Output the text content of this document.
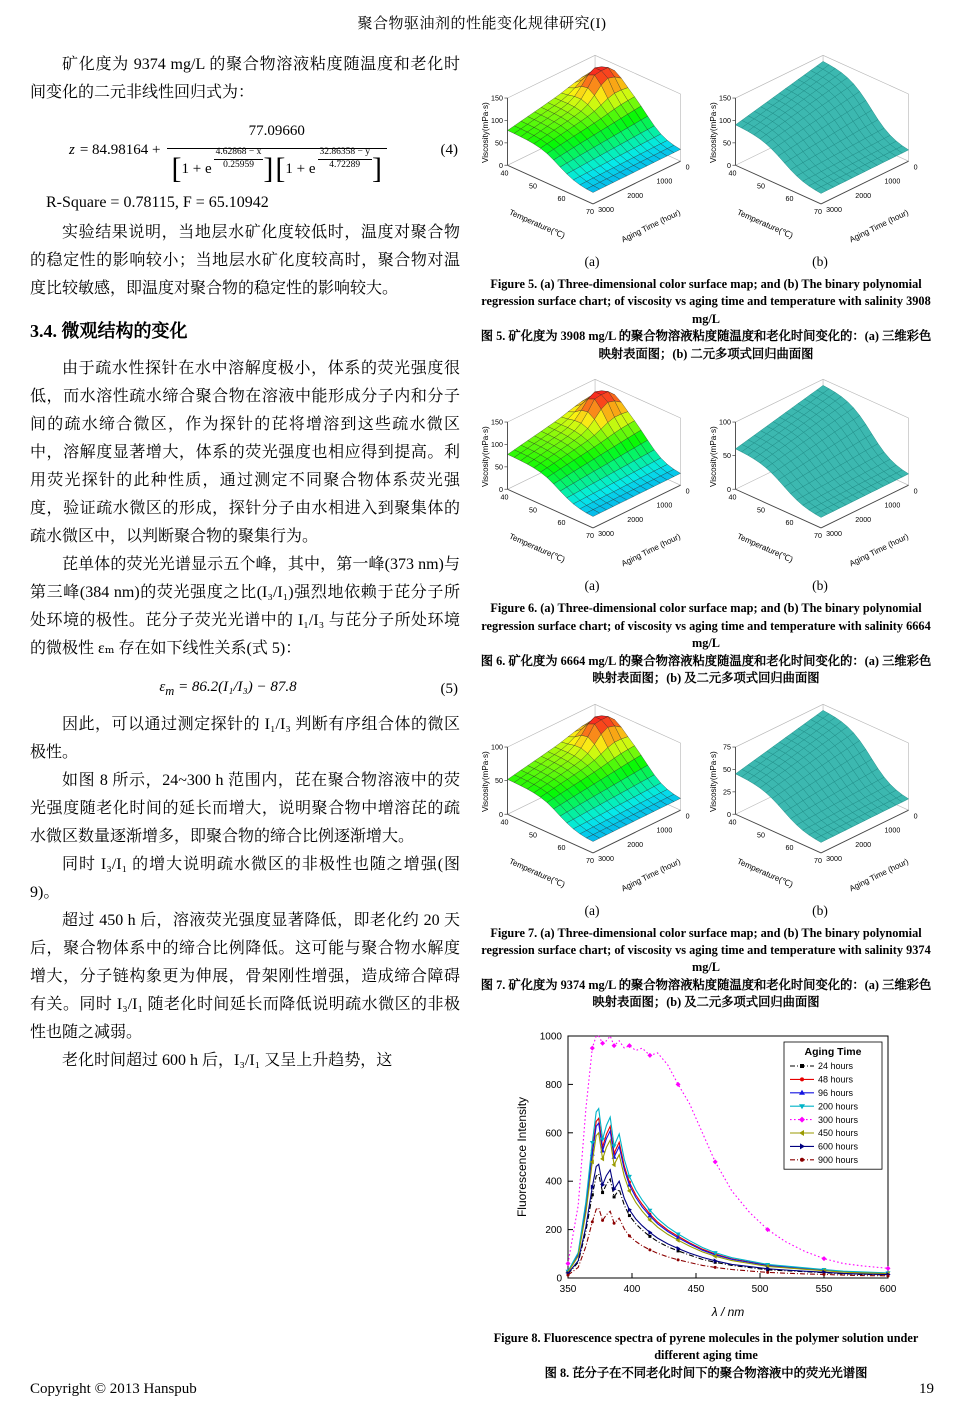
聚合物驱油剂的性能变化规律研究(I)

矿化度为 9374 mg/L 的聚合物溶液粘度随温度和老化时间变化的二元非线性回归式为：

z = 84.98164 +
77.09660
[ 1 + e
4.62868 − x
0.25959 ] [ 1 + e
32.86358 − y
4.72289 ]
(4)

R-Square = 0.78115, F = 65.10942

实验结果说明，当地层水矿化度较低时，温度对聚合物的稳定性的影响较小；当地层水矿化度较高时，聚合物对温度比较敏感，即温度对聚合物的稳定性的影响较大。

3.4. 微观结构的变化

由于疏水性探针在水中溶解度极小，体系的荧光强度很低，而水溶性疏水缔合聚合物在溶液中能形成分子内和分子间的疏水缔合微区，作为探针的芘将增溶到这些疏水微区中，溶解度显著增大，体系的荧光强度也相应得到提高。利用荧光探针的此种性质，通过测定不同聚合物体系荧光强度，验证疏水微区的形成，探针分子由水相进入到聚集体的疏水微区中，以判断聚合物的聚集行为。

芘单体的荧光光谱显示五个峰，其中，第一峰(373 nm)与第三峰(384 nm)的荧光强度之比(I₃/I₁)强烈地依赖于芘分子所处环境的极性。芘分子荧光光谱中的 I₁/I₃ 与芘分子所处环境的微极性 εₘ 存在如下线性关系(式 5)：

$\varepsilon_m = 86.2(I_1/I_3) - 87.8$	(5)

因此，可以通过测定探针的 I₁/I₃ 判断有序组合体的微区极性。

如图 8 所示，24~300 h 范围内，芘在聚合物溶液中的荧光强度随老化时间的延长而增大，说明聚合物中增溶芘的疏水微区数量逐渐增多，即聚合物的缔合比例逐渐增大。

同时 I₃/I₁ 的增大说明疏水微区的非极性也随之增强(图 9)。

超过 450 h 后，溶液荧光强度显著降低，即老化约 20 天后，聚合物体系中的缔合比例降低。这可能与聚合物水解度增大，分子链构象更为伸展，骨架刚性增强，造成缔合障碍有关。同时 I₃/I₁ 随老化时间延长而降低说明疏水微区的非极性也随之减弱。

老化时间超过 600 h 后，I₃/I₁ 又呈上升趋势，这

0
50
100
150
40
50
60
70
0
1000
2000
3000
Viscosity(mPa·s)
Temperature(℃)	Aging Time (hour)
(a)
0
50
100
150
40
50
60
70
0
1000
2000
3000
Viscosity(mPa·s)
Temperature(℃)	Aging Time (hour)
(b)
Figure 5. (a) Three-dimensional color surface map; and (b) The binary polynomial regression surface chart; of viscosity vs aging time and temperature with salinity 3908 mg/L
图 5. 矿化度为 3908 mg/L 的聚合物溶液粘度随温度和老化时间变化的：(a) 三维彩色映射表面图；(b) 二元多项式回归曲面图
0
50
100
150
40
50
60
70
0
1000
2000
3000
Viscosity(mPa·s)
Temperature(℃)	Aging Time (hour)
(a)
0
50
100
40
50
60
70
0
1000
2000
3000
Viscosity(mPa·s)
Temperature(℃)	Aging Time (hour)
(b)
Figure 6. (a) Three-dimensional color surface map; and (b) The binary polynomial regression surface chart; of viscosity vs aging time and temperature with salinity 6664 mg/L
图 6. 矿化度为 6664 mg/L 的聚合物溶液粘度随温度和老化时间变化的：(a) 三维彩色映射表面图；(b) 及二元多项式回归曲面图
0
50
100
40
50
60
70
0
1000
2000
3000
Viscosity(mPa·s)
Temperature(℃)	Aging Time (hour)
(a)
0
25
50
75
40
50
60
70
0
1000
2000
3000
Viscosity(mPa·s)
Temperature(℃)	Aging Time (hour)
(b)
Figure 7. (a) Three-dimensional color surface map; and (b) The binary polynomial regression surface chart; of viscosity vs aging time and temperature with salinity 9374 mg/L
图 7. 矿化度为 9374 mg/L 的聚合物溶液粘度随温度和老化时间变化的：(a) 三维彩色映射表面图；(b) 及二元多项式回归曲面图
350	400	450	500	550	600
0
200
400
600
800
1000
λ / nm
Fluorescence Intensity
Aging Time
24 hours
48 hours
96 hours
200 hours
300 hours
450 hours
600 hours
900 hours
Figure 8. Fluorescence spectra of pyrene molecules in the polymer solution under different aging time
图 8. 芘分子在不同老化时间下的聚合物溶液中的荧光光谱图
Copyright © 2013 Hanspub	19
